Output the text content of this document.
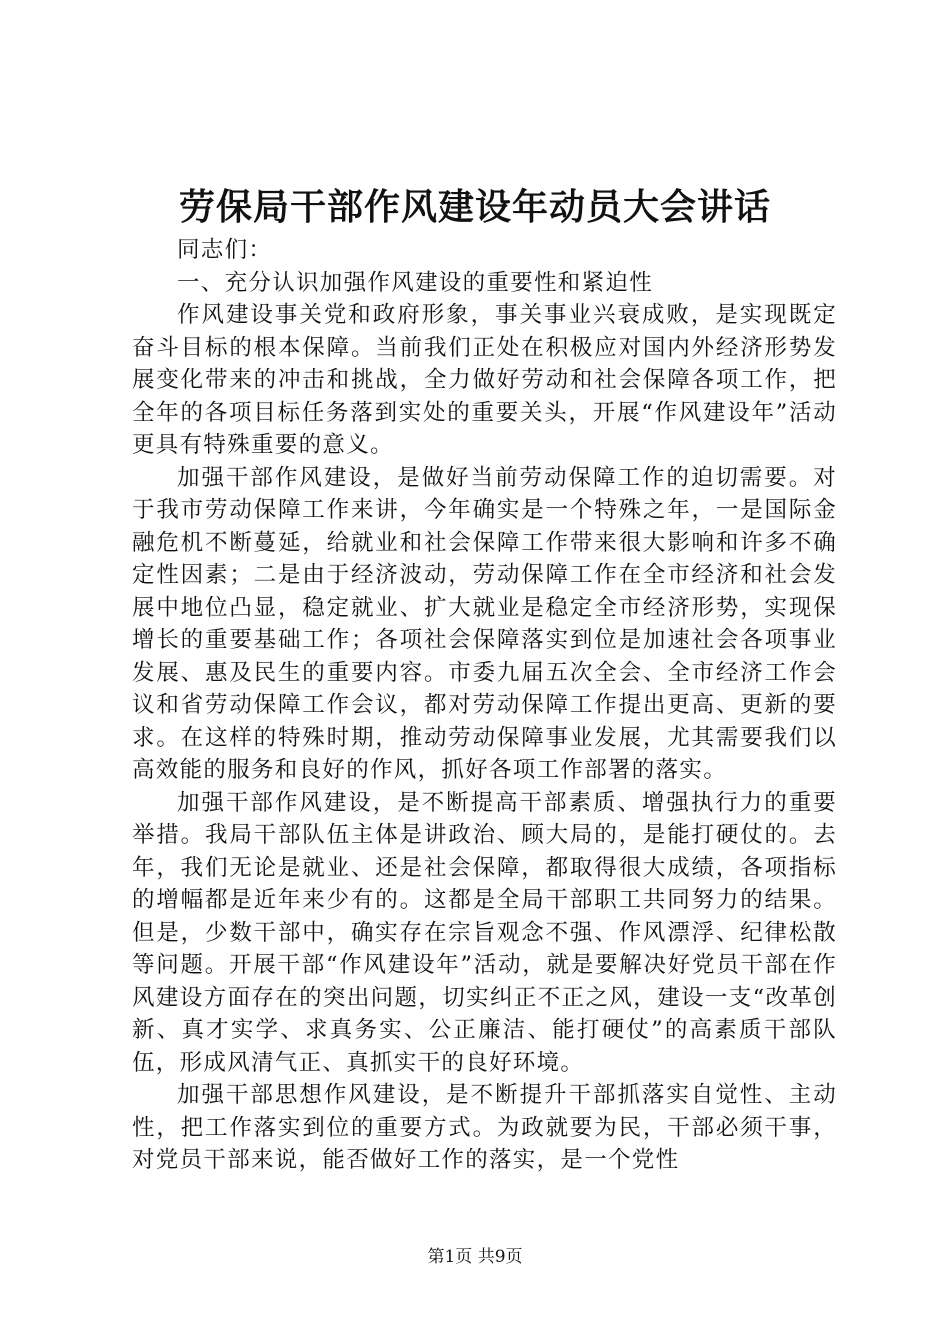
劳保局干部作风建设年动员大会讲话

同志们：

一、充分认识加强作风建设的重要性和紧迫性

作风建设事关党和政府形象，事关事业兴衰成败，是实现既定奋斗目标的根本保障。当前我们正处在积极应对国内外经济形势发展变化带来的冲击和挑战，全力做好劳动和社会保障各项工作，把全年的各项目标任务落到实处的重要关头，开展“作风建设年”活动更具有特殊重要的意义。

加强干部作风建设，是做好当前劳动保障工作的迫切需要。对于我市劳动保障工作来讲，今年确实是一个特殊之年，一是国际金融危机不断蔓延，给就业和社会保障工作带来很大影响和许多不确定性因素；二是由于经济波动，劳动保障工作在全市经济和社会发展中地位凸显，稳定就业、扩大就业是稳定全市经济形势，实现保增长的重要基础工作；各项社会保障落实到位是加速社会各项事业发展、惠及民生的重要内容。市委九届五次全会、全市经济工作会议和省劳动保障工作会议，都对劳动保障工作提出更高、更新的要求。在这样的特殊时期，推动劳动保障事业发展，尤其需要我们以高效能的服务和良好的作风，抓好各项工作部署的落实。

加强干部作风建设，是不断提高干部素质、增强执行力的重要举措。我局干部队伍主体是讲政治、顾大局的，是能打硬仗的。去年，我们无论是就业、还是社会保障，都取得很大成绩，各项指标的增幅都是近年来少有的。这都是全局干部职工共同努力的结果。但是，少数干部中，确实存在宗旨观念不强、作风漂浮、纪律松散等问题。开展干部“作风建设年”活动，就是要解决好党员干部在作风建设方面存在的突出问题，切实纠正不正之风，建设一支“改革创新、真才实学、求真务实、公正廉洁、能打硬仗”的高素质干部队伍，形成风清气正、真抓实干的良好环境。

加强干部思想作风建设，是不断提升干部抓落实自觉性、主动性，把工作落实到位的重要方式。为政就要为民，干部必须干事，对党员干部来说，能否做好工作的落实，是一个党性

第1页 共9页
